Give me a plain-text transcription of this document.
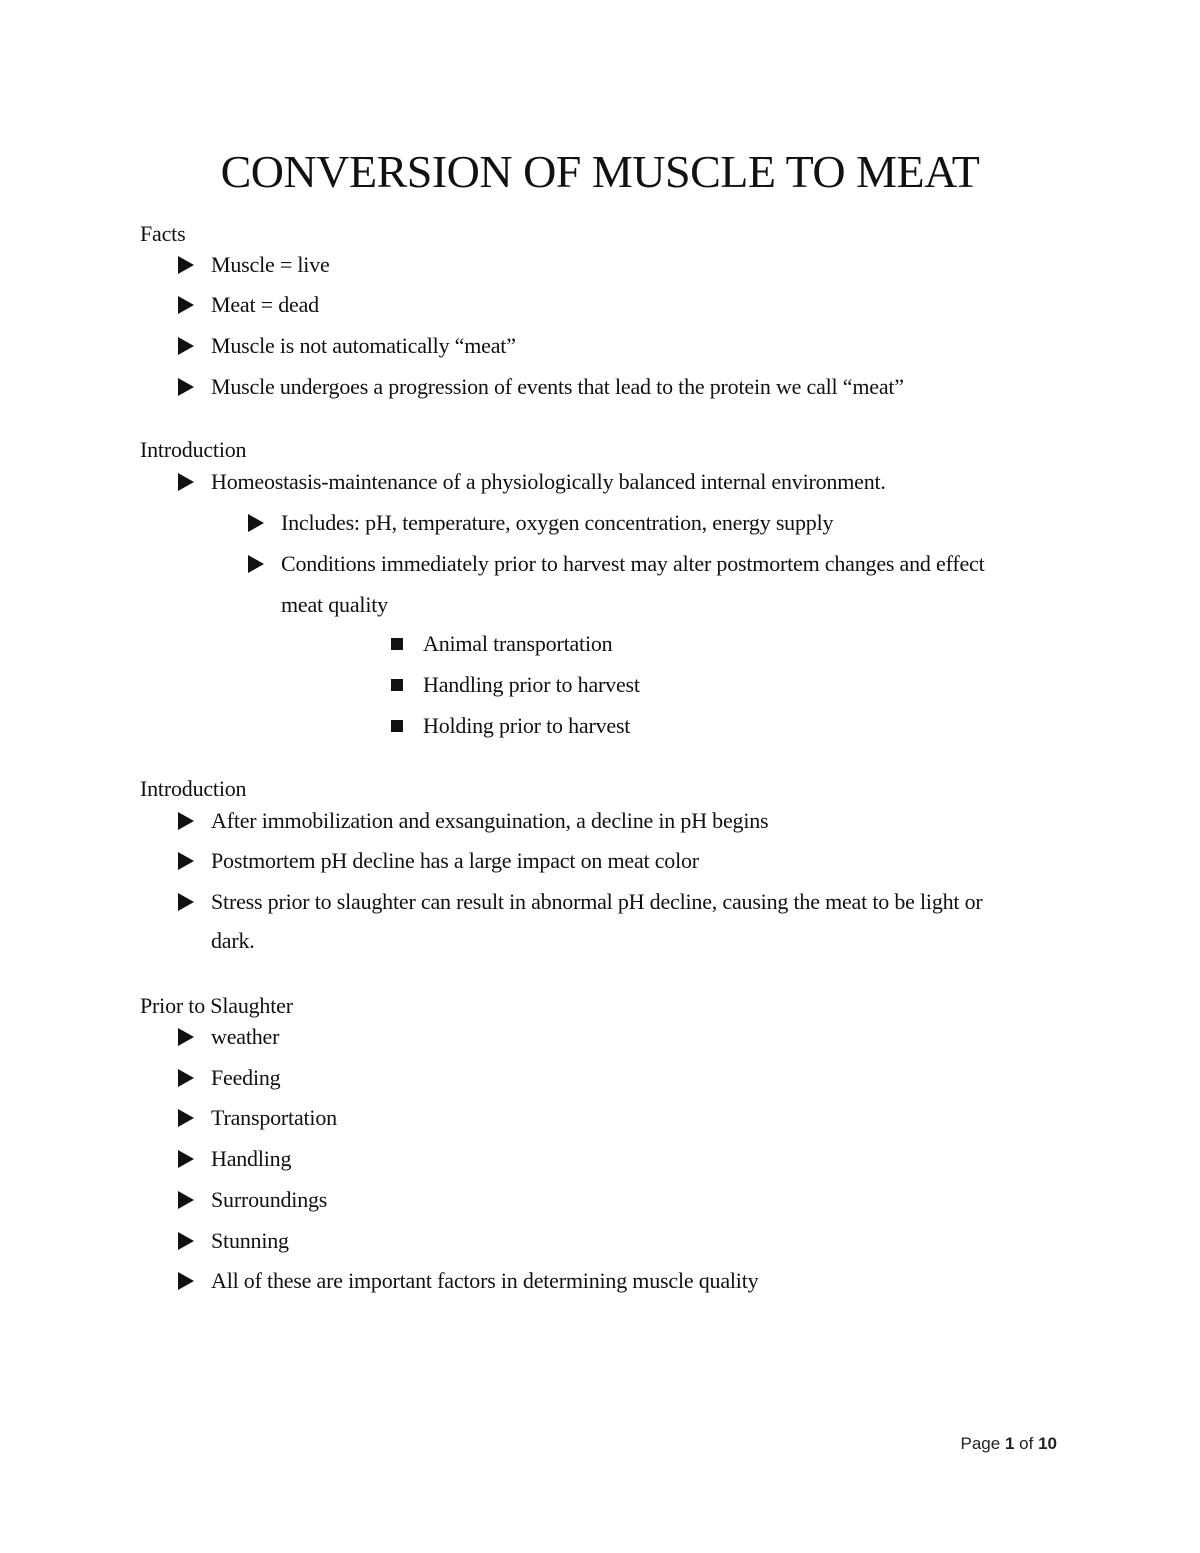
CONVERSION OF MUSCLE TO MEAT
Facts
Muscle = live
Meat = dead
Muscle is not automatically “meat”
Muscle undergoes a progression of events that lead to the protein we call “meat”
Introduction
Homeostasis-maintenance of a physiologically balanced internal environment.
Includes: pH, temperature, oxygen concentration, energy supply
Conditions immediately prior to harvest may alter postmortem changes and effect
meat quality
Animal transportation
Handling prior to harvest
Holding prior to harvest
Introduction
After immobilization and exsanguination, a decline in pH begins
Postmortem pH decline has a large impact on meat color
Stress prior to slaughter can result in abnormal pH decline, causing the meat to be light or
dark.
Prior to Slaughter
weather
Feeding
Transportation
Handling
Surroundings
Stunning
All of these are important factors in determining muscle quality
Page 1 of 10
